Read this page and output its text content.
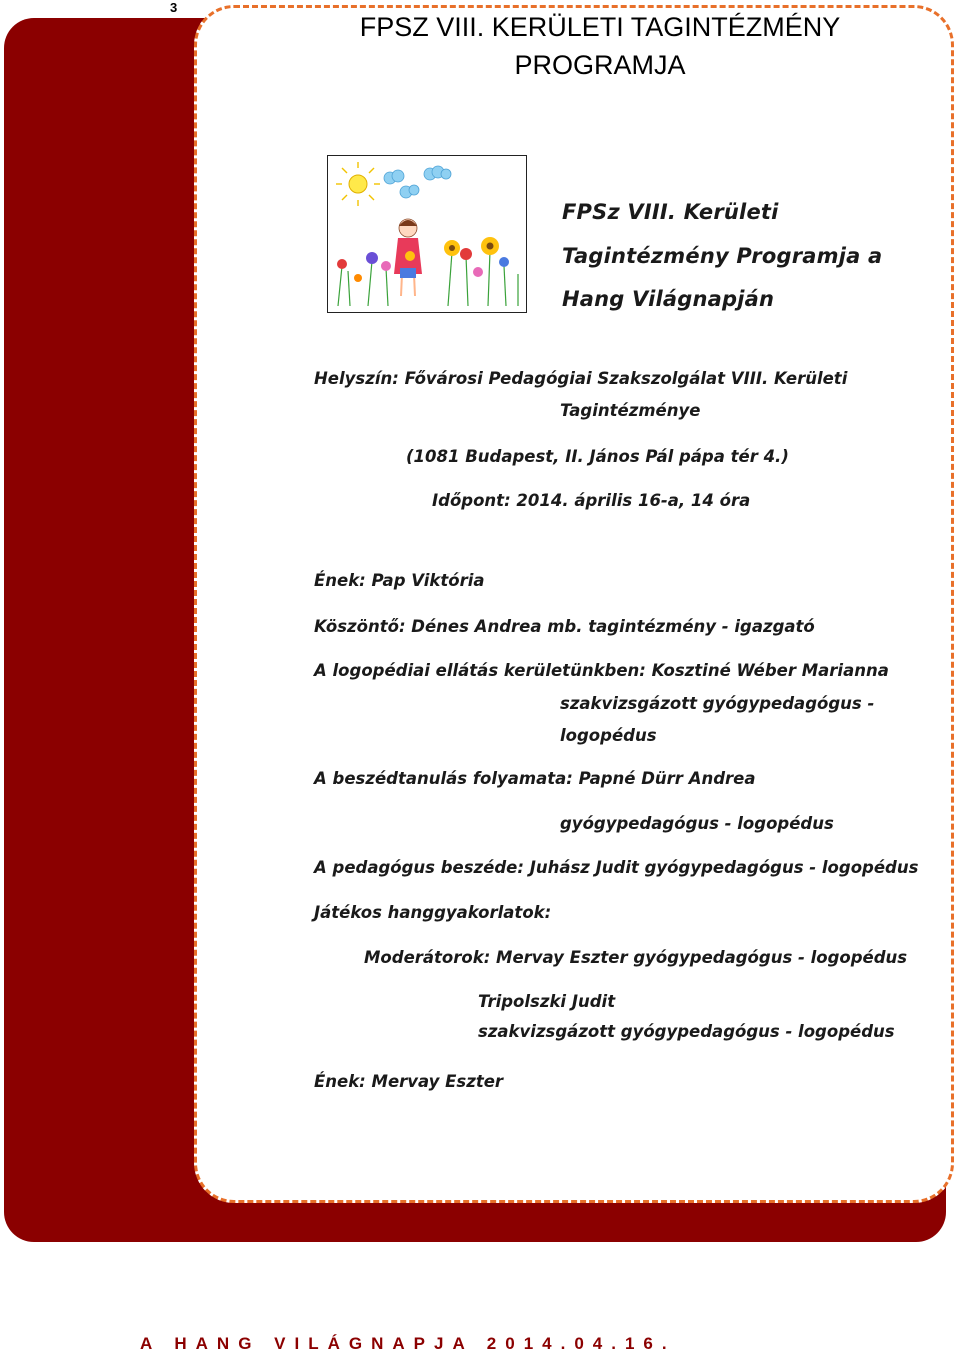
3
FPSZ VIII. KERÜLETI TAGINTÉZMÉNY PROGRAMJA
FPSz VIII. Kerületi
Tagintézmény Programja a
Hang Világnapján
Helyszín: Fővárosi Pedagógiai Szakszolgálat VIII. Kerületi
Tagintézménye
(1081 Budapest, II. János Pál pápa tér 4.)
Időpont: 2014. április 16-a, 14 óra
Ének: Pap Viktória
Köszöntő: Dénes Andrea mb. tagintézmény - igazgató
A logopédiai ellátás kerületünkben: Kosztiné Wéber Marianna
szakvizsgázott gyógypedagógus -
logopédus
A beszédtanulás folyamata: Papné Dürr Andrea
gyógypedagógus - logopédus
A pedagógus beszéde: Juhász Judit gyógypedagógus - logopédus
Játékos hanggyakorlatok:
Moderátorok: Mervay Eszter gyógypedagógus - logopédus
Tripolszki Judit
szakvizsgázott gyógypedagógus - logopédus
Ének: Mervay Eszter
A HANG VILÁGNAPJA 2014.04.16.
